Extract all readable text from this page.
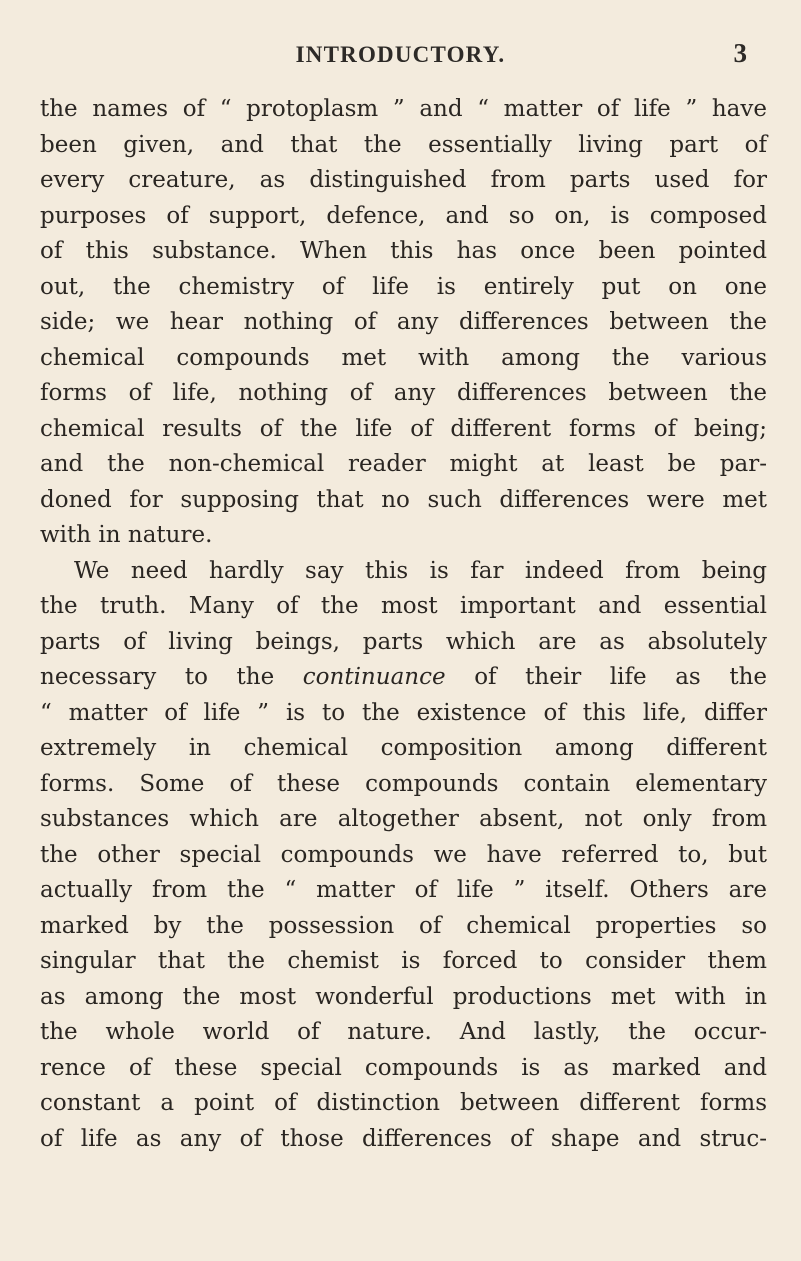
INTRODUCTORY.	3
the names of “ protoplasm ” and “ matter of life ” have
been given, and that the essentially living part of
every creature, as distinguished from parts used for
purposes of support, defence, and so on, is composed
of this substance. When this has once been pointed
out, the chemistry of life is entirely put on one
side; we hear nothing of any differences between the
chemical compounds met with among the various
forms of life, nothing of any differences between the
chemical results of the life of different forms of being;
and the non-chemical reader might at least be par-
doned for supposing that no such differences were met
with in nature.
We need hardly say this is far indeed from being
the truth. Many of the most important and essential
parts of living beings, parts which are as absolutely
necessary to the continuance of their life as the
“ matter of life ” is to the existence of this life, differ
extremely in chemical composition among different
forms. Some of these compounds contain elementary
substances which are altogether absent, not only from
the other special compounds we have referred to, but
actually from the “ matter of life ” itself. Others are
marked by the possession of chemical properties so
singular that the chemist is forced to consider them
as among the most wonderful productions met with in
the whole world of nature. And lastly, the occur-
rence of these special compounds is as marked and
constant a point of distinction between different forms
of life as any of those differences of shape and struc-
